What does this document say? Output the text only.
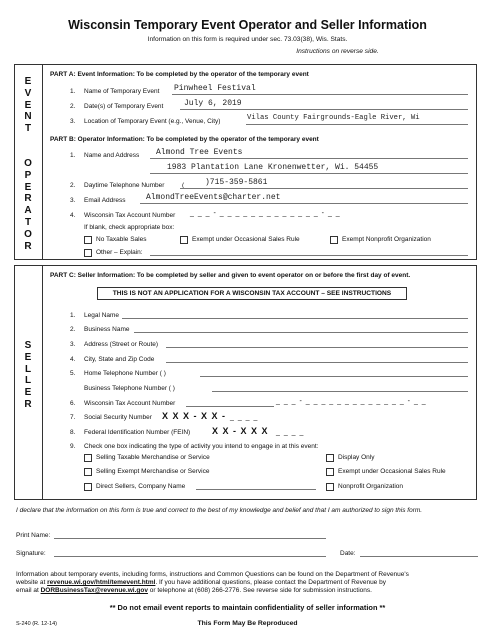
Wisconsin Temporary Event Operator and Seller Information
Information on this form is required under sec. 73.03(38), Wis. Stats.
Instructions on reverse side.
E
V
E
N
T
O
P
E
R
A
T
O
R
PART A: Event Information: To be completed by the operator of the temporary event
1. Name of Temporary Event Pinwheel Festival
2. Date(s) of Temporary Event	July 6, 2019
3. Location of Temporary Event (e.g., Venue, City)	Vilas County Fairgrounds-Eagle River, Wi
PART B: Operator Information: To be completed by the operator of the temporary event
1. Name and Address Almond Tree Events
1983 Plantation Lane Kronenwetter, Wi. 54455
2. Daytime Telephone Number	(	)715-359-5861
3. Email Address	AlmondTreeEvents@charter.net
4. Wisconsin Tax Account Number _ _ _ - _ _ _ _ _ _ _ _ _ _ _ _ _ - _ _
If blank, check appropriate box:
No Taxable Sales	Exempt under Occasional Sales Rule	Exempt Nonprofit Organization
Other – Explain:
S
E
L
L
E
R
PART C: Seller Information: To be completed by seller and given to event operator on or before the first day of event.
THIS IS NOT AN APPLICATION FOR A WISCONSIN TAX ACCOUNT – SEE INSTRUCTIONS
1. Legal Name
2. Business Name
3. Address (Street or Route)
4. City, State and Zip Code
5. Home Telephone Number ( )
Business Telephone Number ( )
6. Wisconsin Tax Account Number	_ _ _ - _ _ _ _ _ _ _ _ _ _ _ _ _ - _ _
7. Social Security Number X X X - X X - _ _ _ _
8. Federal Identification Number (FEIN) X X - X X X _ _ _ _
9. Check one box indicating the type of activity you intend to engage in at this event:
Selling Taxable Merchandise or Service
Selling Exempt Merchandise or Service
Direct Sellers, Company Name
Display Only
Exempt under Occasional Sales Rule
Nonprofit Organization
I declare that the information on this form is true and correct to the best of my knowledge and belief and that I am authorized to sign this form.
Print Name:
Signature:	Date:
Information about temporary events, including forms, instructions and Common Questions can be found on the Department of Revenue's
website at revenue.wi.gov/html/temevent.html. If you have additional questions, please contact the Department of Revenue by
email at DORBusinessTax@revenue.wi.gov or telephone at (608) 266-2776. See reverse side for submission instructions.
** Do not email event reports to maintain confidentiality of seller information **
S-240 (R. 12-14)	This Form May Be Reproduced
